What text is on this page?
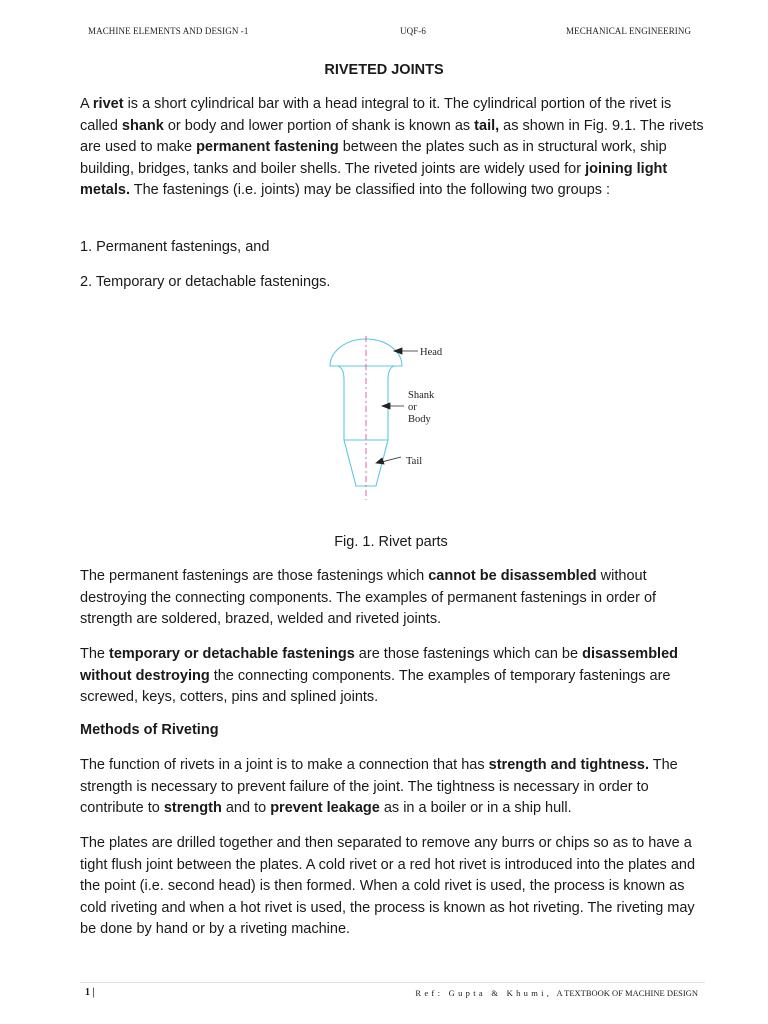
MACHINE ELEMENTS AND DESIGN -1	UQF-6	MECHANICAL ENGINEERING
RIVETED JOINTS

A rivet is a short cylindrical bar with a head integral to it. The cylindrical portion of the rivet is called shank or body and lower portion of shank is known as tail, as shown in Fig. 9.1. The rivets are used to make permanent fastening between the plates such as in structural work, ship building, bridges, tanks and boiler shells. The riveted joints are widely used for joining light metals. The fastenings (i.e. joints) may be classified into the following two groups :

1. Permanent fastenings, and
2. Temporary or detachable fastenings.
Head
Shank
or
Body
Tail
Fig. 1. Rivet parts

The permanent fastenings are those fastenings which cannot be disassembled without destroying the connecting components. The examples of permanent fastenings in order of strength are soldered, brazed, welded and riveted joints.

The temporary or detachable fastenings are those fastenings which can be disassembled without destroying the connecting components. The examples of temporary fastenings are screwed, keys, cotters, pins and splined joints.

Methods of Riveting

The function of rivets in a joint is to make a connection that has strength and tightness. The strength is necessary to prevent failure of the joint. The tightness is necessary in order to contribute to strength and to prevent leakage as in a boiler or in a ship hull.

The plates are drilled together and then separated to remove any burrs or chips so as to have a tight flush joint between the plates. A cold rivet or a red hot rivet is introduced into the plates and the point (i.e. second head) is then formed. When a cold rivet is used, the process is known as cold riveting and when a hot rivet is used, the process is known as hot riveting. The riveting may be done by hand or by a riveting machine.

1 |	Ref: Gupta & Khumi, A TEXTBOOK OF MACHINE DESIGN
